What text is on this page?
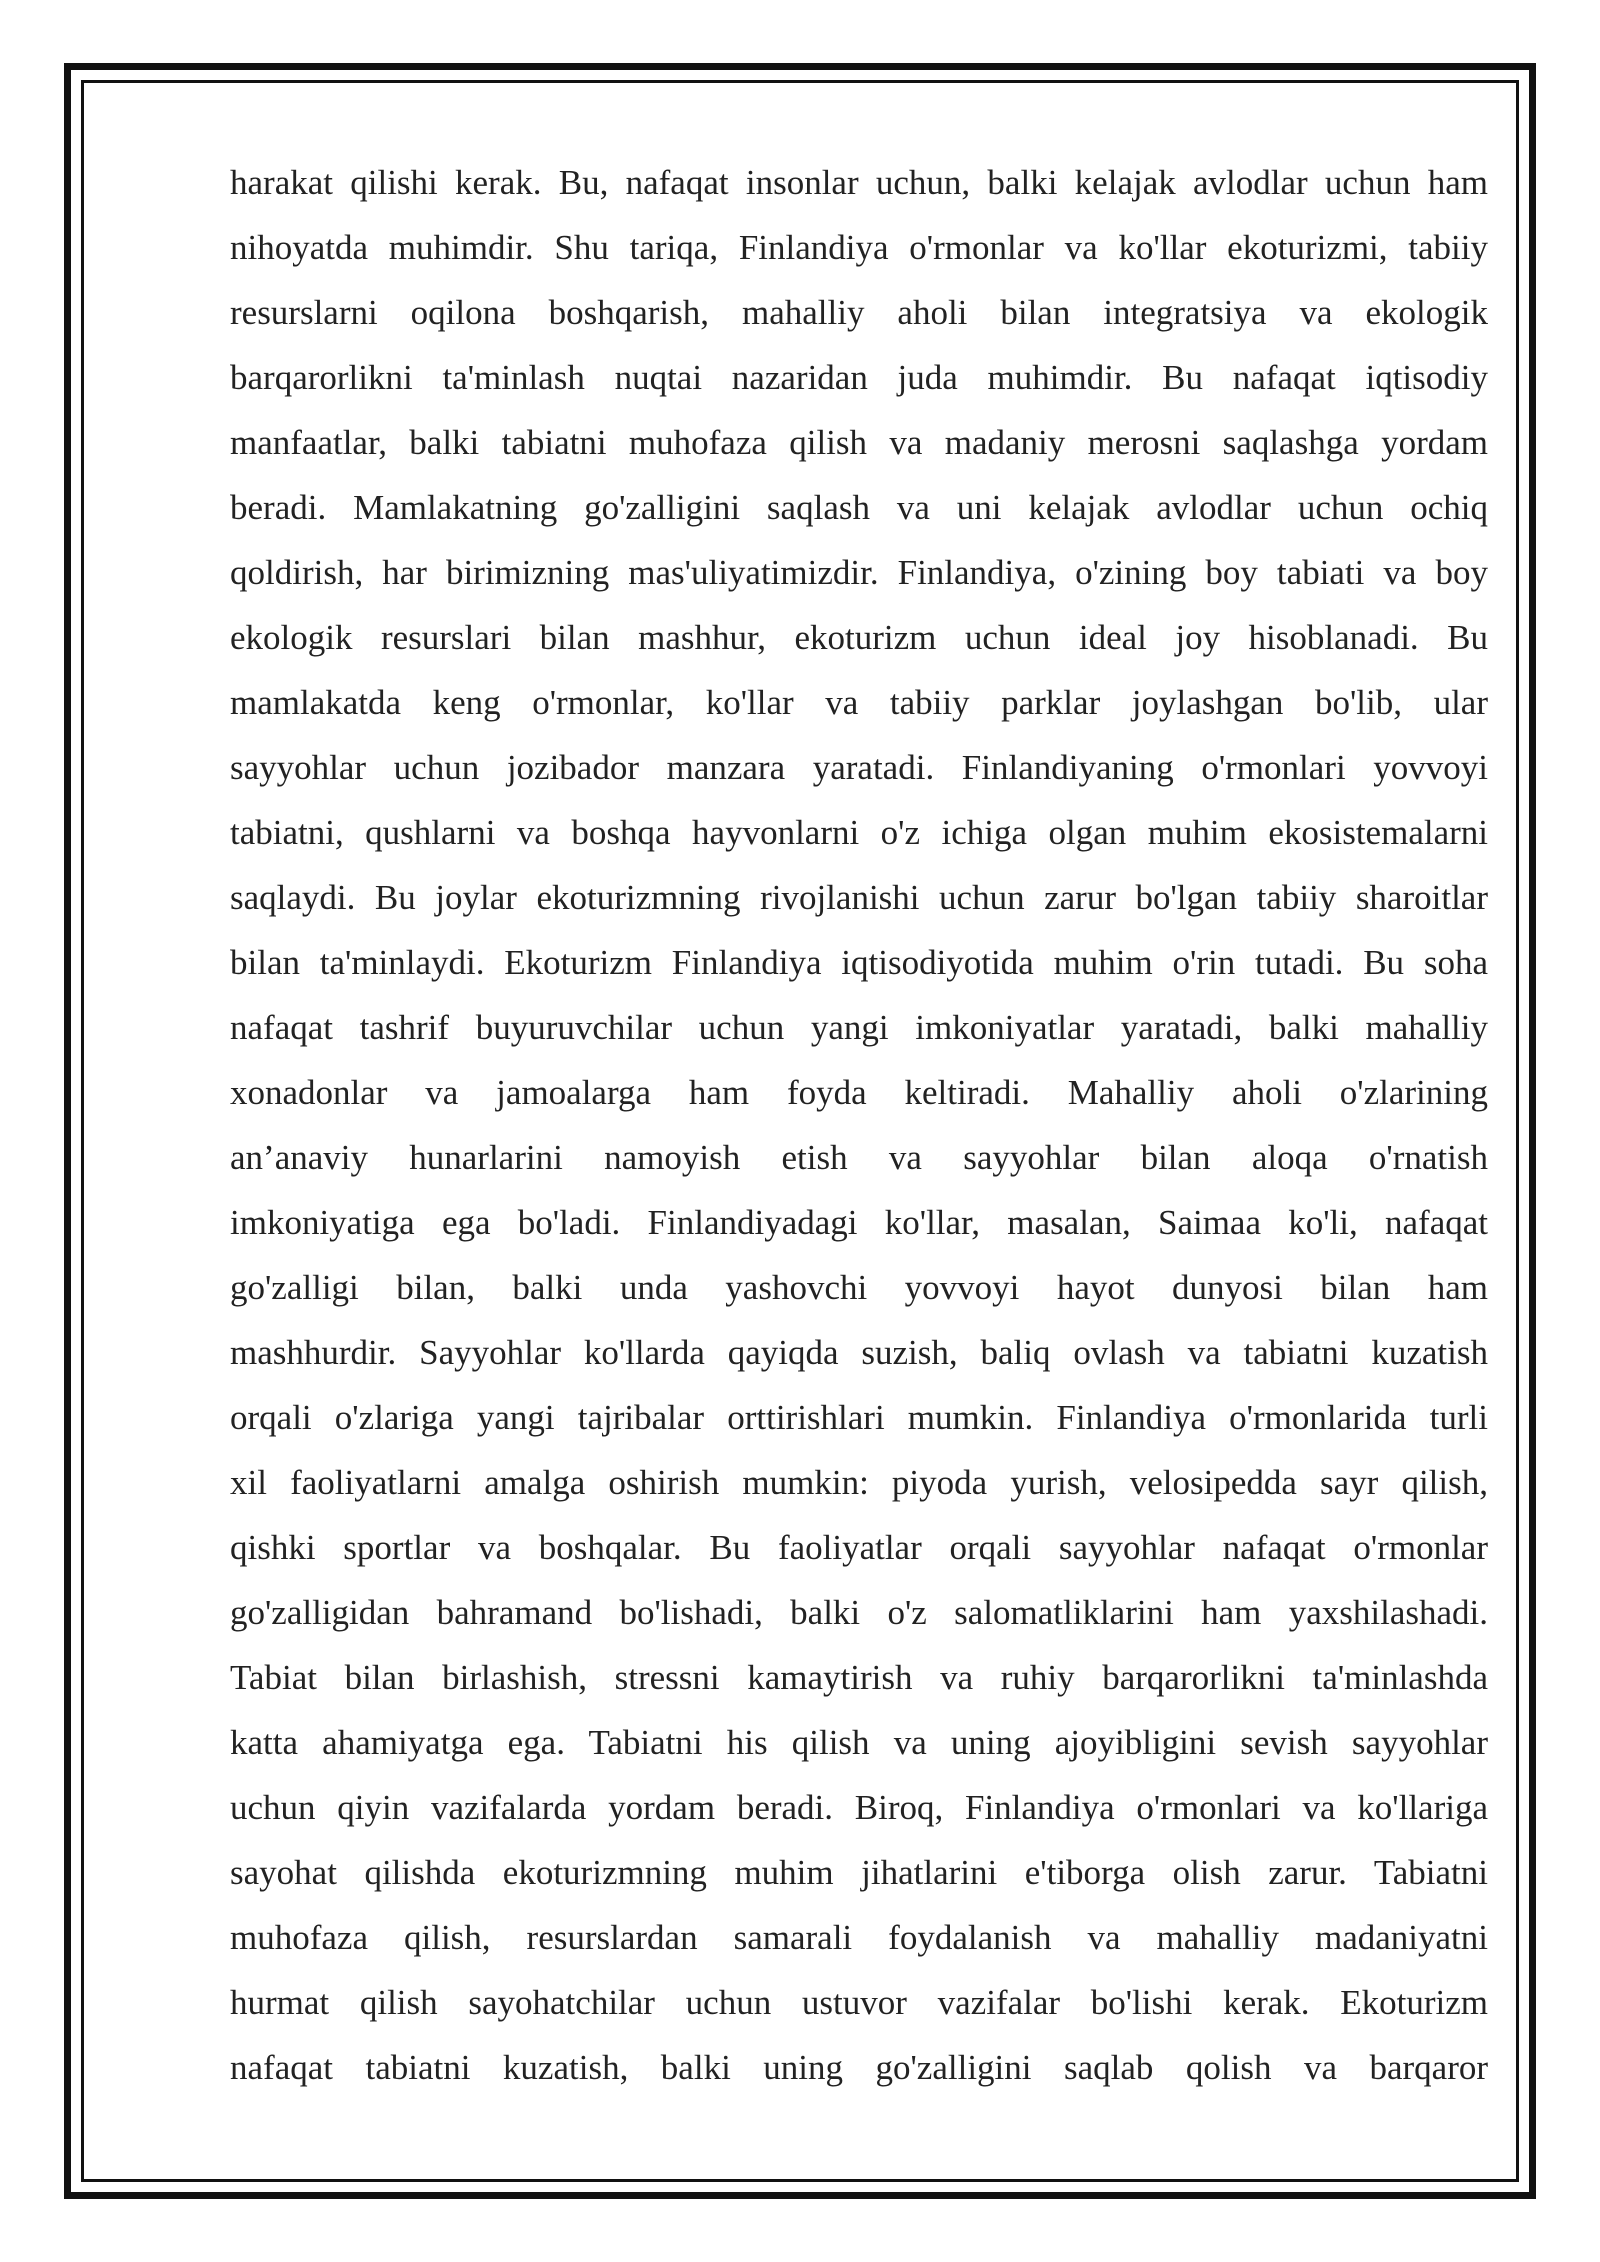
harakat qilishi kerak. Bu, nafaqat insonlar uchun, balki kelajak avlodlar uchun ham
nihoyatda muhimdir. Shu tariqa, Finlandiya o'rmonlar va ko'llar ekoturizmi, tabiiy
resurslarni oqilona boshqarish, mahalliy aholi bilan integratsiya va ekologik
barqarorlikni ta'minlash nuqtai nazaridan juda muhimdir. Bu nafaqat iqtisodiy
manfaatlar, balki tabiatni muhofaza qilish va madaniy merosni saqlashga yordam
beradi. Mamlakatning go'zalligini saqlash va uni kelajak avlodlar uchun ochiq
qoldirish, har birimizning mas'uliyatimizdir. Finlandiya, o'zining boy tabiati va boy
ekologik resurslari bilan mashhur, ekoturizm uchun ideal joy hisoblanadi. Bu
mamlakatda keng o'rmonlar, ko'llar va tabiiy parklar joylashgan bo'lib, ular
sayyohlar uchun jozibador manzara yaratadi. Finlandiyaning o'rmonlari yovvoyi
tabiatni, qushlarni va boshqa hayvonlarni o'z ichiga olgan muhim ekosistemalarni
saqlaydi. Bu joylar ekoturizmning rivojlanishi uchun zarur bo'lgan tabiiy sharoitlar
bilan ta'minlaydi. Ekoturizm Finlandiya iqtisodiyotida muhim o'rin tutadi. Bu soha
nafaqat tashrif buyuruvchilar uchun yangi imkoniyatlar yaratadi, balki mahalliy
xonadonlar va jamoalarga ham foyda keltiradi. Mahalliy aholi o'zlarining
an’anaviy hunarlarini namoyish etish va sayyohlar bilan aloqa o'rnatish
imkoniyatiga ega bo'ladi. Finlandiyadagi ko'llar, masalan, Saimaa ko'li, nafaqat
go'zalligi bilan, balki unda yashovchi yovvoyi hayot dunyosi bilan ham
mashhurdir. Sayyohlar ko'llarda qayiqda suzish, baliq ovlash va tabiatni kuzatish
orqali o'zlariga yangi tajribalar orttirishlari mumkin. Finlandiya o'rmonlarida turli
xil faoliyatlarni amalga oshirish mumkin: piyoda yurish, velosipedda sayr qilish,
qishki sportlar va boshqalar. Bu faoliyatlar orqali sayyohlar nafaqat o'rmonlar
go'zalligidan bahramand bo'lishadi, balki o'z salomatliklarini ham yaxshilashadi.
Tabiat bilan birlashish, stressni kamaytirish va ruhiy barqarorlikni ta'minlashda
katta ahamiyatga ega. Tabiatni his qilish va uning ajoyibligini sevish sayyohlar
uchun qiyin vazifalarda yordam beradi. Biroq, Finlandiya o'rmonlari va ko'llariga
sayohat qilishda ekoturizmning muhim jihatlarini e'tiborga olish zarur. Tabiatni
muhofaza qilish, resurslardan samarali foydalanish va mahalliy madaniyatni
hurmat qilish sayohatchilar uchun ustuvor vazifalar bo'lishi kerak. Ekoturizm
nafaqat tabiatni kuzatish, balki uning go'zalligini saqlab qolish va barqaror
